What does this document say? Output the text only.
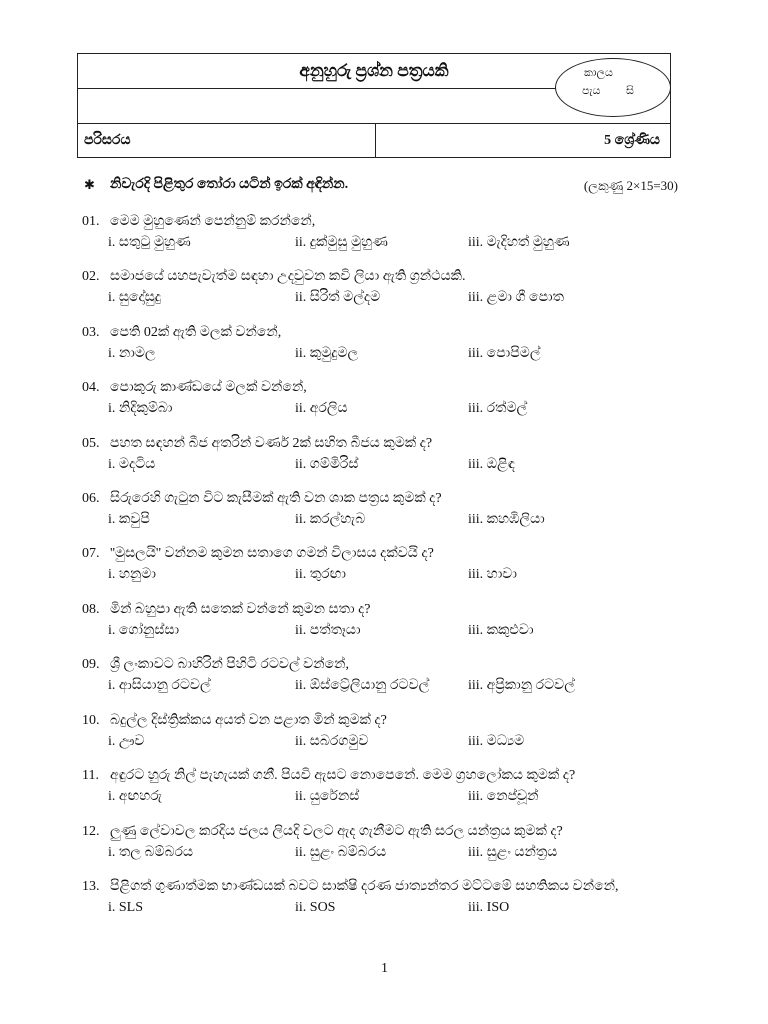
අනුහුරු ප්‍රශ්න පත්‍රයකි
පරිසරය	5 ශ්‍රේණිය
කාලය
පැය සි
✱ නිවැරදි පිළිතුර තෝරා යටින් ඉරක් අඳින්න.	(ලකුණු 2×15=30)
01. මෙම මුහුණෙන් පෙන්නුම් කරන්නේ,
i. සතුටු මුහුණ	ii. දුක්මුසු මුහුණ	iii. මැදිහත් මුහුණ
02. සමාජයේ යහපැවැත්ම සඳහා උදවුවන කවි ලියා ඇති ග්‍රන්ථයකි.
i. සුදෝසුදු	ii. සිරිත් මල්දම	iii. ළමා ගී පොත
03. පෙති 02ක් ඇති මලක් වන්නේ,
i. නාමල	ii. කුමුදුමල	iii. පොපිමල්
04. පොකුරු කාණ්ඩයේ මලක් වන්නේ,
i. නිදිකුම්බා	ii. අරලිය	iii. රත්මල්
05. පහත සඳහන් බීජ අතරින් වර්ණ 2ක් සහිත බීජය කුමක් ද?
i. මදටිය	ii. ගම්මිරිස්	iii. ඔළිඳ
06. සිරුරෙහි ගැටුන විට කැසීමක් ඇති වන ශාක පත්‍රය කුමක් ද?
i. කවුපි	ii. කරල්හැබ	iii. කහඹිලියා
07. ''මුසලයි'' වන්නම කුමන සතාගෙ ගමන් විලාසය දක්වයි ද?
i. හනුමා	ii. තුරඟා	iii. හාවා
08. මින් බහුපා ඇති සතෙක් වන්නේ කුමන සතා ද?
i. ගෝනුස්සා	ii. පත්තෑයා	iii. කකුළුවා
09. ශ්‍රී ලංකාවට බාහිරින් පිහිටි රටවල් වන්නේ,
i. ආසියානු රටවල්	ii. ඕස්ට්‍රේලියානු රටවල්	iii. අප්‍රිකානු රටවල්
10. බදුල්ල දිස්ත්‍රික්කය අයත් වන පළාත මින් කුමක් ද?
i. ඌව	ii. සබරගමුව	iii. මධ්‍යම
11. අඳුරට හුරු නිල් පැහැයක් ගනී. පියවි ඇසට නොපෙනේ. මෙම ග්‍රහලෝකය කුමක් ද?
i. අඟහරු	ii. යුරේනස්	iii. නෙප්චූන්
12. ලුණු ලේවාවල කරදිය ජලය ලියදි වලට ඇද ගැනීමට ඇති සරල යන්ත්‍රය කුමක් ද?
i. තල බම්බරය	ii. සුළං බම්බරය	iii. සුළං යන්ත්‍රය
13. පිළිගත් ගුණාත්මක භාණ්ඩයක් බවට සාක්ෂි දරණ ජාත්‍යන්තර මට්ටමේ සහතිකය වන්නේ,
i. SLS	ii. SOS	iii. ISO
1
